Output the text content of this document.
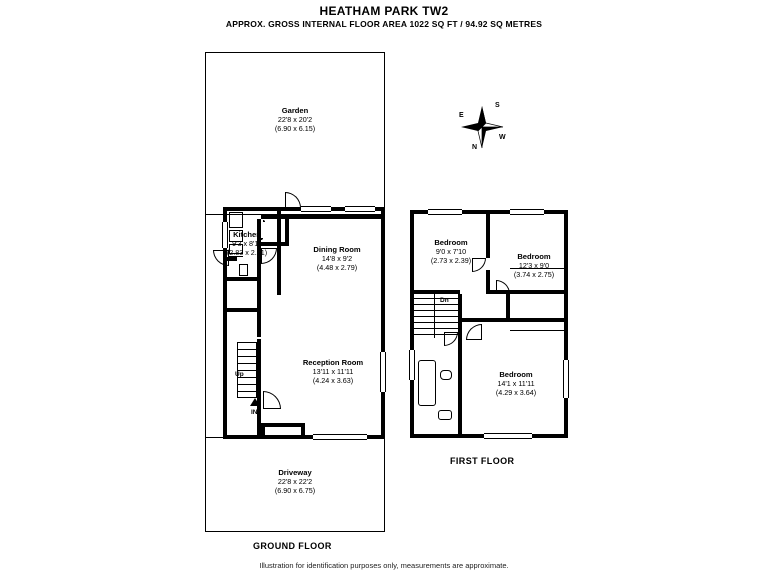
HEATHAM PARK TW2
APPROX. GROSS INTERNAL FLOOR AREA 1022 SQ FT / 94.92 SQ METRES
Garden
22'8 x 20'2
(6.90 x 6.15)
Kitchen
9'3 x 8'11
(2.83 x 2.71)	Dining Room
14'8 x 9'2
(4.48 x 2.79)
Reception Room
13'11 x 11'11
(4.24 x 3.63)
Driveway
22'8 x 22'2
(6.90 x 6.75)
Up
IN
GROUND FLOOR
Bedroom
9'0 x 7'10
(2.73 x 2.39)	Bedroom
12'3 x 9'0
(3.74 x 2.75)
Bedroom
14'1 x 11'11
(4.29 x 3.64)
Dn
FIRST FLOOR
N
E
S
W
Illustration for identification purposes only, measurements are approximate.
